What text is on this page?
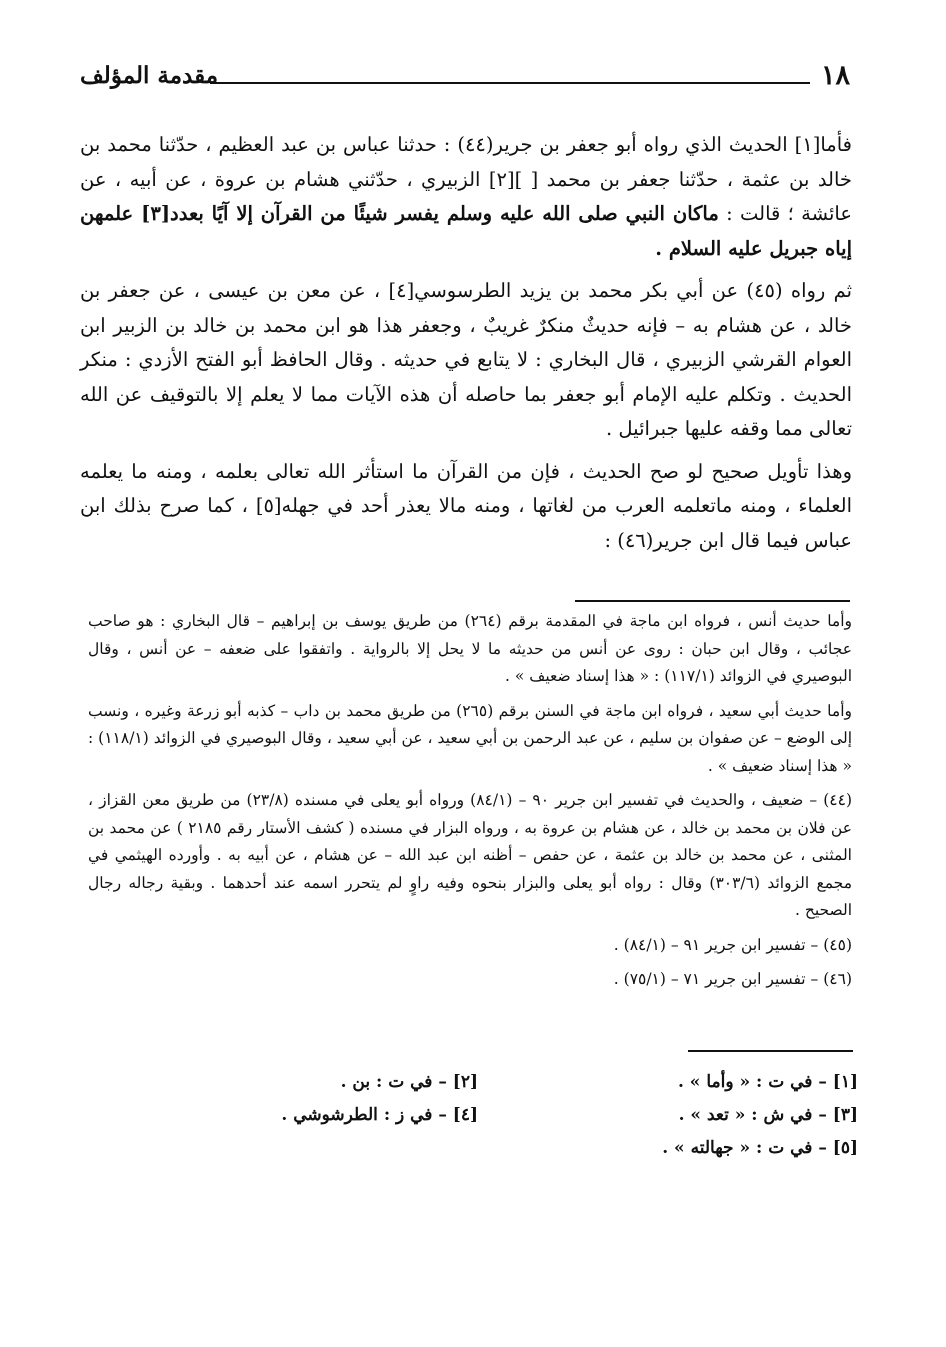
١٨
مقدمة المؤلف

فأما[١] الحديث الذي رواه أبو جعفر بن جرير(٤٤) : حدثنا عباس بن عبد العظيم ، حدّثنا محمد بن خالد بن عثمة ، حدّثنا جعفر بن محمد [ ][٢] الزبيري ، حدّثني هشام بن عروة ، عن أبيه ، عن عائشة ؛ قالت : ماكان النبي صلى الله عليه وسلم يفسر شيئًا من القرآن إلا آيًا بعدد[٣] علمهن إياه جبريل عليه السلام .

ثم رواه (٤٥) عن أبي بكر محمد بن يزيد الطرسوسي[٤] ، عن معن بن عيسى ، عن جعفر بن خالد ، عن هشام به – فإنه حديثٌ منكرٌ غريبٌ ، وجعفر هذا هو ابن محمد بن خالد بن الزبير ابن العوام القرشي الزبيري ، قال البخاري : لا يتابع في حديثه . وقال الحافظ أبو الفتح الأزدي : منكر الحديث . وتكلم عليه الإمام أبو جعفر بما حاصله أن هذه الآيات مما لا يعلم إلا بالتوقيف عن الله تعالى مما وقفه عليها جبرائيل .

وهذا تأويل صحيح لو صح الحديث ، فإن من القرآن ما استأثر الله تعالى بعلمه ، ومنه ما يعلمه العلماء ، ومنه ماتعلمه العرب من لغاتها ، ومنه مالا يعذر أحد في جهله[٥] ، كما صرح بذلك ابن عباس فيما قال ابن جرير(٤٦) :

وأما حديث أنس ، فرواه ابن ماجة في المقدمة برقم (٢٦٤) من طريق يوسف بن إبراهيم – قال البخاري : هو صاحب عجائب ، وقال ابن حبان : روى عن أنس من حديثه ما لا يحل إلا بالرواية . واتفقوا على ضعفه – عن أنس ، وقال البوصيري في الزوائد (١١٧/١) : « هذا إسناد ضعيف » .

وأما حديث أبي سعيد ، فرواه ابن ماجة في السنن برقم (٢٦٥) من طريق محمد بن داب – كذبه أبو زرعة وغيره ، ونسب إلى الوضع – عن صفوان بن سليم ، عن عبد الرحمن بن أبي سعيد ، عن أبي سعيد ، وقال البوصيري في الزوائد (١١٨/١) : « هذا إسناد ضعيف » .

(٤٤) – ضعيف ، والحديث في تفسير ابن جرير ٩٠ – (٨٤/١) ورواه أبو يعلى في مسنده (٢٣/٨) من طريق معن القزاز ، عن فلان بن محمد بن خالد ، عن هشام بن عروة به ، ورواه البزار في مسنده ( كشف الأستار رقم ٢١٨٥ ) عن محمد بن المثنى ، عن محمد بن خالد بن عثمة ، عن حفص – أظنه ابن عبد الله – عن هشام ، عن أبيه به . وأورده الهيثمي في مجمع الزوائد (٣٠٣/٦) وقال : رواه أبو يعلى والبزار بنحوه وفيه راوٍ لم يتحرر اسمه عند أحدهما . وبقية رجاله رجال الصحيح .

(٤٥) – تفسير ابن جرير ٩١ – (٨٤/١) .

(٤٦) – تفسير ابن جرير ٧١ – (٧٥/١) .

[١] – في ت : « وأما » .
[٢] – في ت : بن .
[٣] – في ش : « تعد » .
[٤] – في ز : الطرشوشي .
[٥] – في ت : « جهالته » .
